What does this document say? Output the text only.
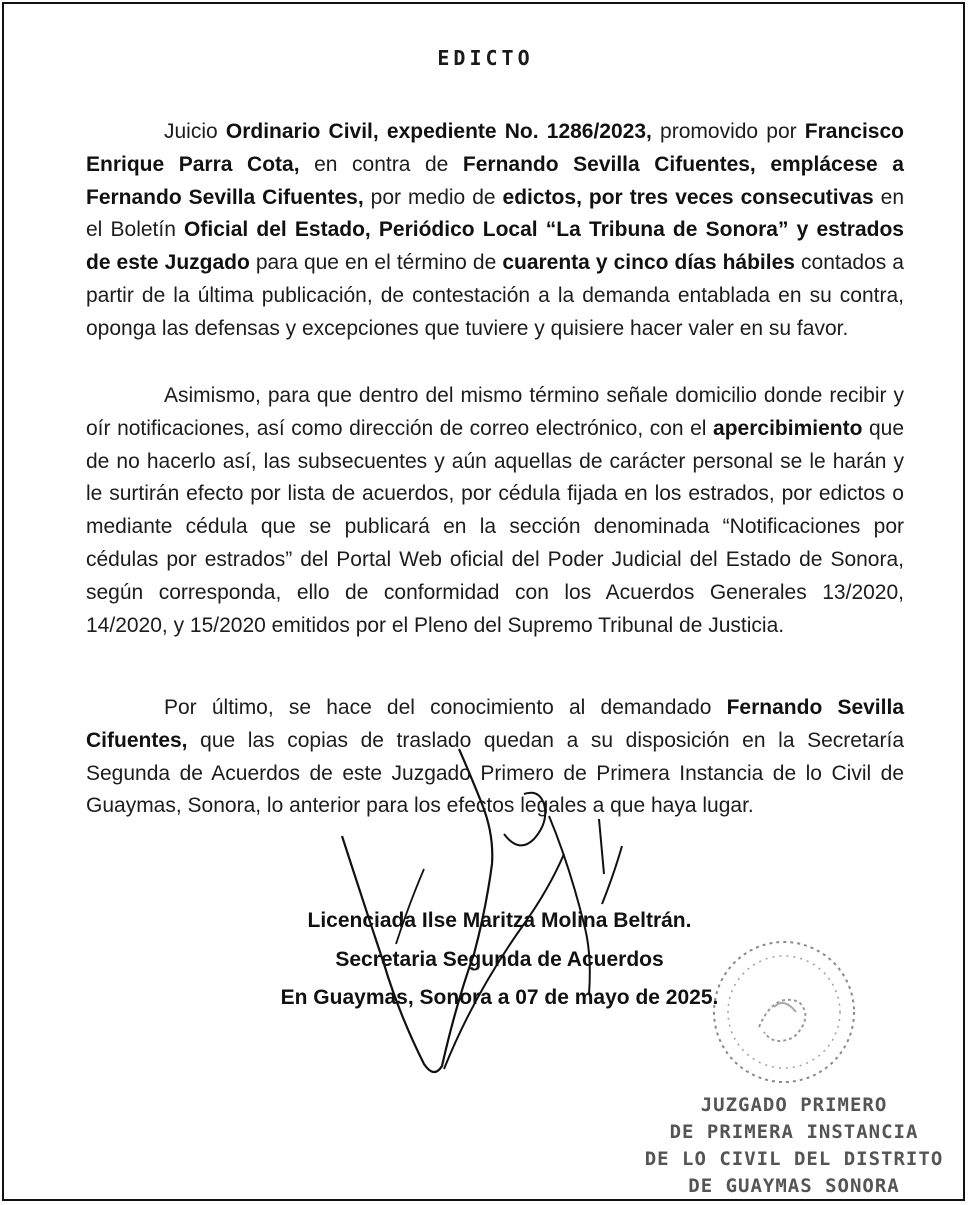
EDICTO

Juicio Ordinario Civil, expediente No. 1286/2023, promovido por Francisco Enrique Parra Cota, en contra de Fernando Sevilla Cifuentes, emplácese a Fernando Sevilla Cifuentes, por medio de edictos, por tres veces consecutivas en el Boletín Oficial del Estado, Periódico Local “La Tribuna de Sonora” y estrados de este Juzgado para que en el término de cuarenta y cinco días hábiles contados a partir de la última publicación, de contestación a la demanda entablada en su contra, oponga las defensas y excepciones que tuviere y quisiere hacer valer en su favor.

Asimismo, para que dentro del mismo término señale domicilio donde recibir y oír notificaciones, así como dirección de correo electrónico, con el apercibimiento que de no hacerlo así, las subsecuentes y aún aquellas de carácter personal se le harán y le surtirán efecto por lista de acuerdos, por cédula fijada en los estrados, por edictos o mediante cédula que se publicará en la sección denominada “Notificaciones por cédulas por estrados” del Portal Web oficial del Poder Judicial del Estado de Sonora, según corresponda, ello de conformidad con los Acuerdos Generales 13/2020, 14/2020, y 15/2020 emitidos por el Pleno del Supremo Tribunal de Justicia.

Por último, se hace del conocimiento al demandado Fernando Sevilla Cifuentes, que las copias de traslado quedan a su disposición en la Secretaría Segunda de Acuerdos de este Juzgado Primero de Primera Instancia de lo Civil de Guaymas, Sonora, lo anterior para los efectos legales a que haya lugar.

Licenciada Ilse Maritza Molina Beltrán.
Secretaria Segunda de Acuerdos
En Guaymas, Sonora a 07 de mayo de 2025.
JUZGADO PRIMERO
DE PRIMERA INSTANCIA
DE LO CIVIL DEL DISTRITO
DE GUAYMAS SONORA
